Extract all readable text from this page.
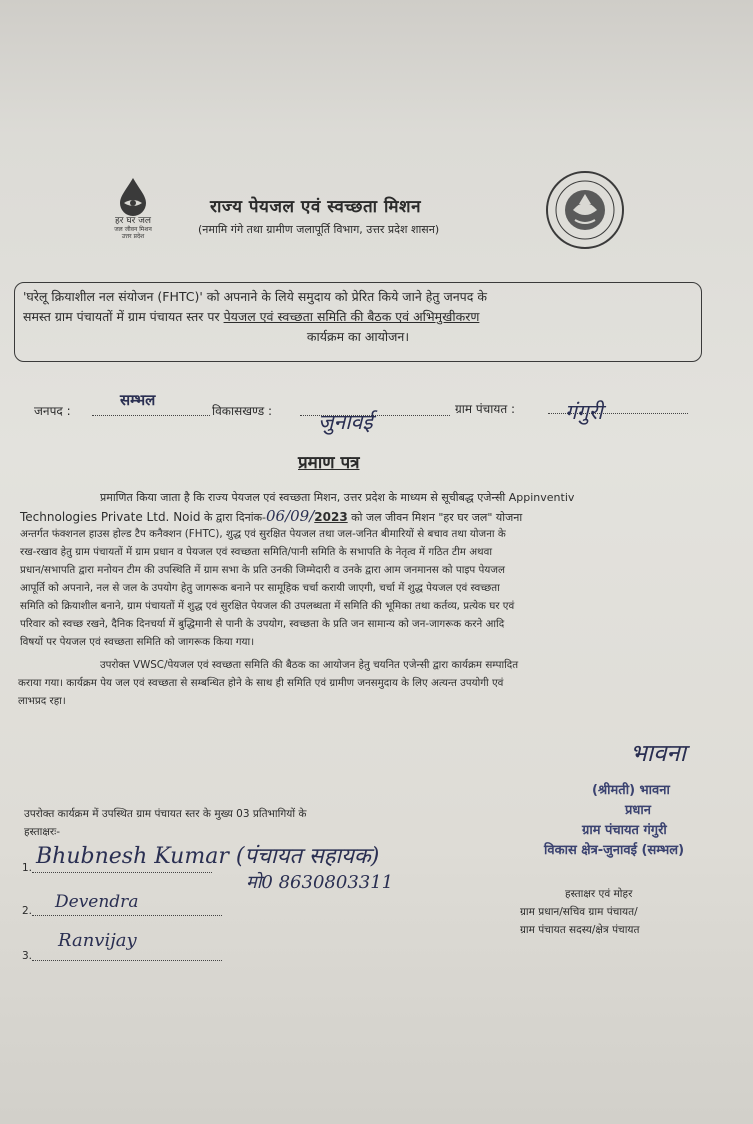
हर घर जल
जल जीवन मिशन
उत्तर प्रदेश
राज्य पेयजल एवं स्वच्छता मिशन
(नमामि गंगे तथा ग्रामीण जलापूर्ति विभाग, उत्तर प्रदेश शासन)
'घरेलू क्रियाशील नल संयोजन (FHTC)' को अपनाने के लिये समुदाय को प्रेरित किये जाने हेतु जनपद के
समस्त ग्राम पंचायतों में ग्राम पंचायत स्तर पर पेयजल एवं स्वच्छता समिति की बैठक एवं अभिमुखीकरण
कार्यक्रम का आयोजन।
जनपद :
सम्भल
विकासखण्ड : जुनावई
ग्राम पंचायत : गंगुरी
प्रमाण पत्र
प्रमाणित किया जाता है कि राज्य पेयजल एवं स्वच्छता मिशन, उत्तर प्रदेश के माध्यम से सूचीबद्ध एजेन्सी Appinventiv
Technologies Private Ltd. Noid के द्वारा दिनांक-06/09/2023 को जल जीवन मिशन "हर घर जल" योजना
अन्तर्गत फंक्शनल हाउस होल्ड टैप कनैक्शन (FHTC), शुद्ध एवं सुरक्षित पेयजल तथा जल-जनित बीमारियों से बचाव तथा योजना के
रख-रखाव हेतु ग्राम पंचायतों में ग्राम प्रधान व पेयजल एवं स्वच्छता समिति/पानी समिति के सभापति के नेतृत्व में गठित टीम अथवा
प्रधान/सभापति द्वारा मनोयन टीम की उपस्थिति में ग्राम सभा के प्रति उनकी जिम्मेदारी व उनके द्वारा आम जनमानस को पाइप पेयजल
आपूर्ति को अपनाने, नल से जल के उपयोग हेतु जागरूक बनाने पर सामूहिक चर्चा करायी जाएगी, चर्चा में शुद्ध पेयजल एवं स्वच्छता
समिति को क्रियाशील बनाने, ग्राम पंचायतों में शुद्ध एवं सुरक्षित पेयजल की उपलब्धता में समिति की भूमिका तथा कर्तव्य, प्रत्येक घर एवं
परिवार को स्वच्छ रखने, दैनिक दिनचर्या में बुद्धिमानी से पानी के उपयोग, स्वच्छता के प्रति जन सामान्य को जन-जागरूक करने आदि
विषयों पर पेयजल एवं स्वच्छता समिति को जागरूक किया गया।
उपरोक्त VWSC/पेयजल एवं स्वच्छता समिति की बैठक का आयोजन हेतु चयनित एजेन्सी द्वारा कार्यक्रम सम्पादित
कराया गया। कार्यक्रम पेय जल एवं स्वच्छता से सम्बन्धित होने के साथ ही समिति एवं ग्रामीण जनसमुदाय के लिए अत्यन्त उपयोगी एवं
लाभप्रद रहा।
भावना
(श्रीमती) भावना
प्रधान
ग्राम पंचायत गंगुरी
विकास क्षेत्र-जुनावई (सम्भल)
हस्ताक्षर एवं मोहर
ग्राम प्रधान/सचिव ग्राम पंचायत/
ग्राम पंचायत सदस्य/क्षेत्र पंचायत
उपरोक्त कार्यक्रम में उपस्थित ग्राम पंचायत स्तर के मुख्य 03 प्रतिभागियों के
हस्ताक्षरः-
1. Bhubnesh Kumar (पंचायत सहायक)
मो0 8630803311
2. Devendra
3.
Ranvijay
